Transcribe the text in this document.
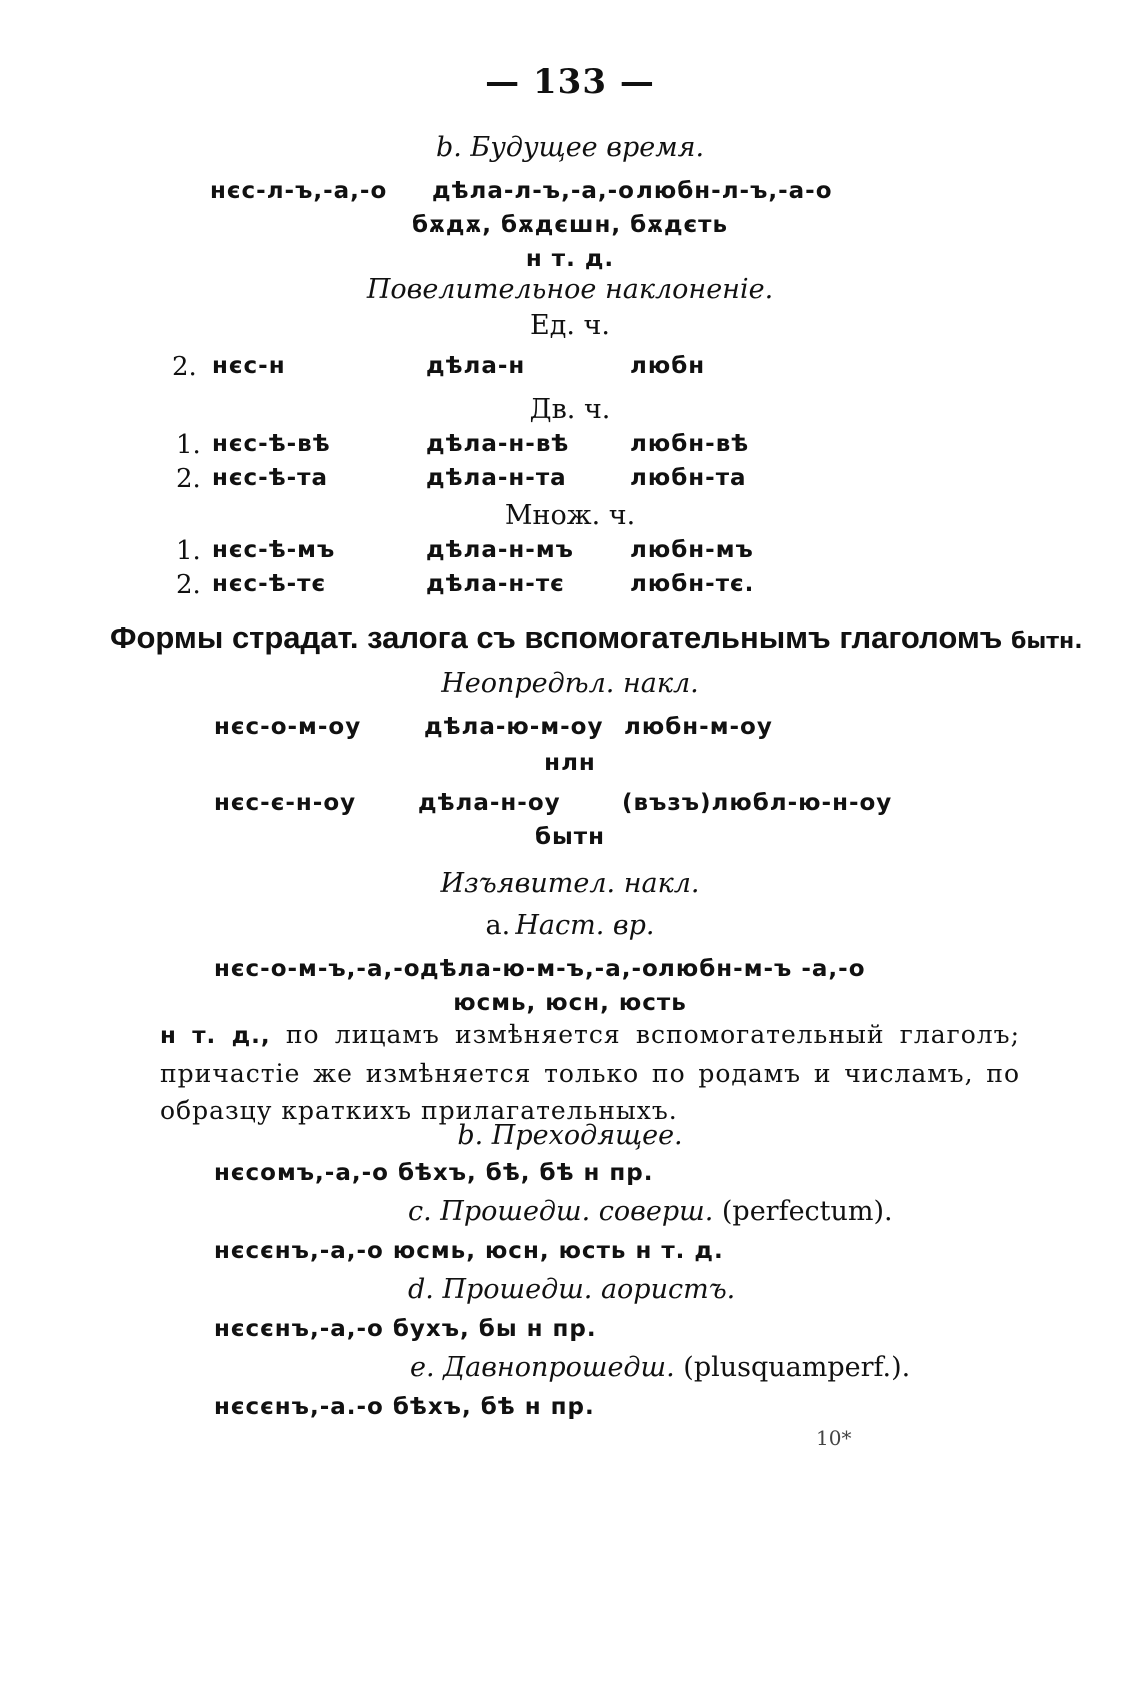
— 133 —
b. Будущее время.
нєс-л-ъ,-а,-о дѣла-л-ъ,-а,-о любн-л-ъ,-а-о
бѫдѫ, бѫдєшн, бѫдєть
н т. д.
Повелительное наклоненіе.
Ед. ч.
2. нєс-н	дѣла-н	любн
Дв. ч.
1. нєс-ѣ-вѣ	дѣла-н-вѣ	любн-вѣ
2. нєс-ѣ-та	дѣла-н-та	любн-та
Множ. ч.
1. нєс-ѣ-мъ	дѣла-н-мъ любн-мъ
2. нєс-ѣ-тє	дѣла-н-тє	любн-тє.
Формы страдат. залога съ вспомогательнымъ глаголомъ бытн.
Неопредѣл. накл.
нєс-о-м-оу	дѣла-ю-м-оу любн-м-оу
нлн
нєс-є-н-оу	дѣла-н-оу	(възъ)любл-ю-н-оу
бытн
Изъявител. накл.
a. Наст. вр.
нєс-о-м-ъ,-а,-о дѣла-ю-м-ъ,-а,-о любн-м-ъ -а,-о
юсмь, юсн, юсть
н т. д., по лицамъ измѣняется вспомогательный глаголъ; причастіе же измѣняется только по родамъ и числамъ, по образцу краткихъ прилагательныхъ.
b. Преходящее.
нєсомъ,-а,-о бѣхъ, бѣ, бѣ н пр.
c. Прошедш. соверш. (perfectum).
нєсєнъ,-а,-о юсмь, юсн, юсть н т. д.
d. Прошедш. аористъ.
нєсєнъ,-а,-о бyхъ, бы н пр.
e. Давнопрошедш. (plusquamperf.).
нєсєнъ,-а.-о бѣхъ, бѣ н пр.
10*
